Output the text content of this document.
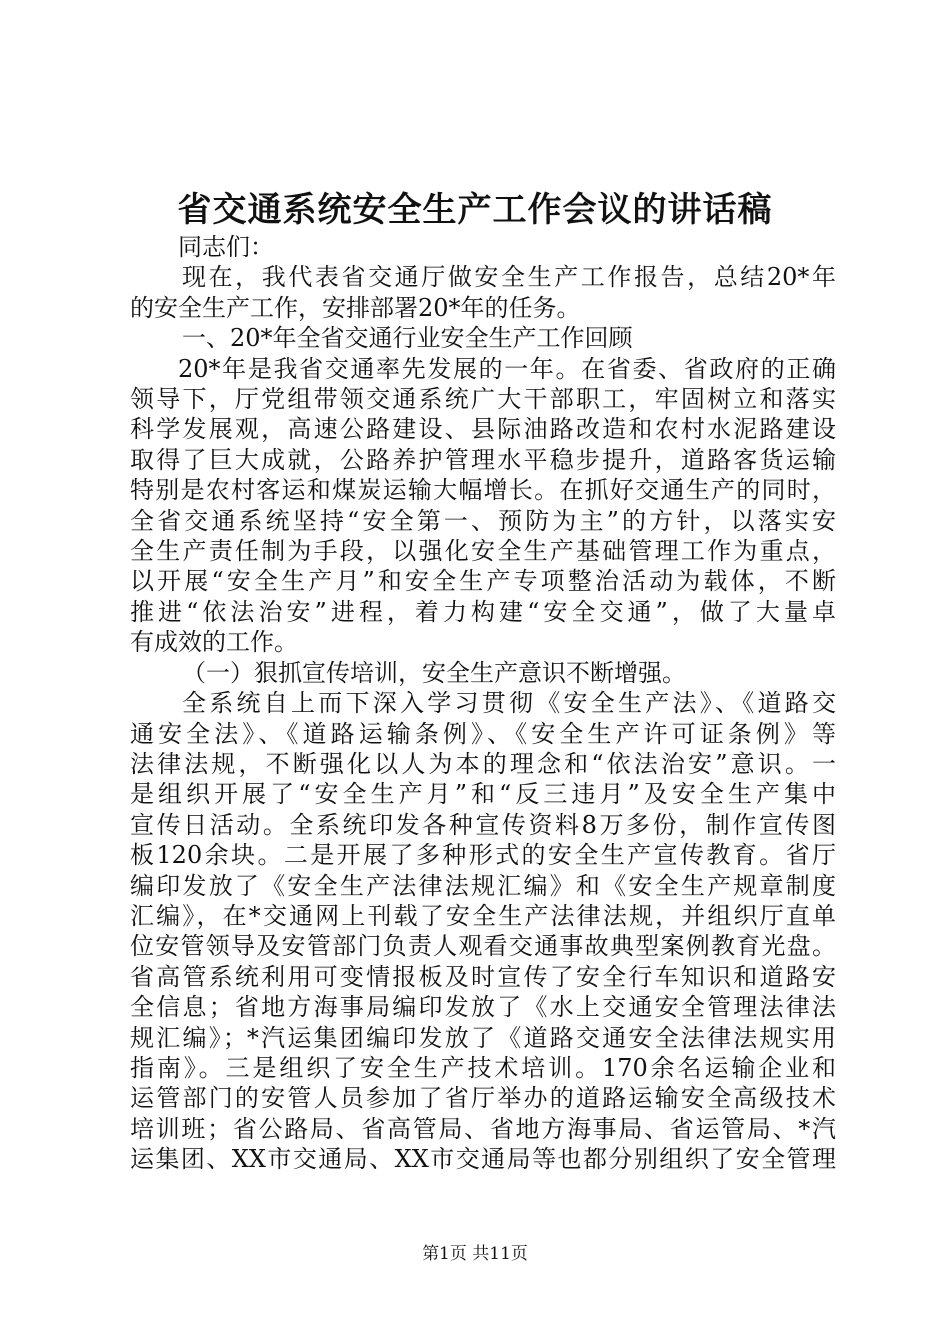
省交通系统安全生产工作会议的讲话稿
同志们：
现在，我代表省交通厅做安全生产工作报告，总结20*年
的安全生产工作，安排部署20*年的任务。
一、20*年全省交通行业安全生产工作回顾
20*年是我省交通率先发展的一年。在省委、省政府的正确
领导下，厅党组带领交通系统广大干部职工，牢固树立和落实
科学发展观，高速公路建设、县际油路改造和农村水泥路建设
取得了巨大成就，公路养护管理水平稳步提升，道路客货运输
特别是农村客运和煤炭运输大幅增长。在抓好交通生产的同时，
全省交通系统坚持“安全第一、预防为主”的方针，以落实安
全生产责任制为手段，以强化安全生产基础管理工作为重点，
以开展“安全生产月”和安全生产专项整治活动为载体，不断
推进“依法治安”进程，着力构建“安全交通”，做了大量卓
有成效的工作。
（一）狠抓宣传培训，安全生产意识不断增强。
全系统自上而下深入学习贯彻《安全生产法》、《道路交
通安全法》、《道路运输条例》、《安全生产许可证条例》等
法律法规，不断强化以人为本的理念和“依法治安”意识。一
是组织开展了“安全生产月”和“反三违月”及安全生产集中
宣传日活动。全系统印发各种宣传资料8万多份，制作宣传图
板120余块。二是开展了多种形式的安全生产宣传教育。省厅
编印发放了《安全生产法律法规汇编》和《安全生产规章制度
汇编》，在*交通网上刊载了安全生产法律法规，并组织厅直单
位安管领导及安管部门负责人观看交通事故典型案例教育光盘。
省高管系统利用可变情报板及时宣传了安全行车知识和道路安
全信息；省地方海事局编印发放了《水上交通安全管理法律法
规汇编》；*汽运集团编印发放了《道路交通安全法律法规实用
指南》。三是组织了安全生产技术培训。170余名运输企业和
运管部门的安管人员参加了省厅举办的道路运输安全高级技术
培训班；省公路局、省高管局、省地方海事局、省运管局、*汽
运集团、XX市交通局、XX市交通局等也都分别组织了安全管理
第1页 共11页
